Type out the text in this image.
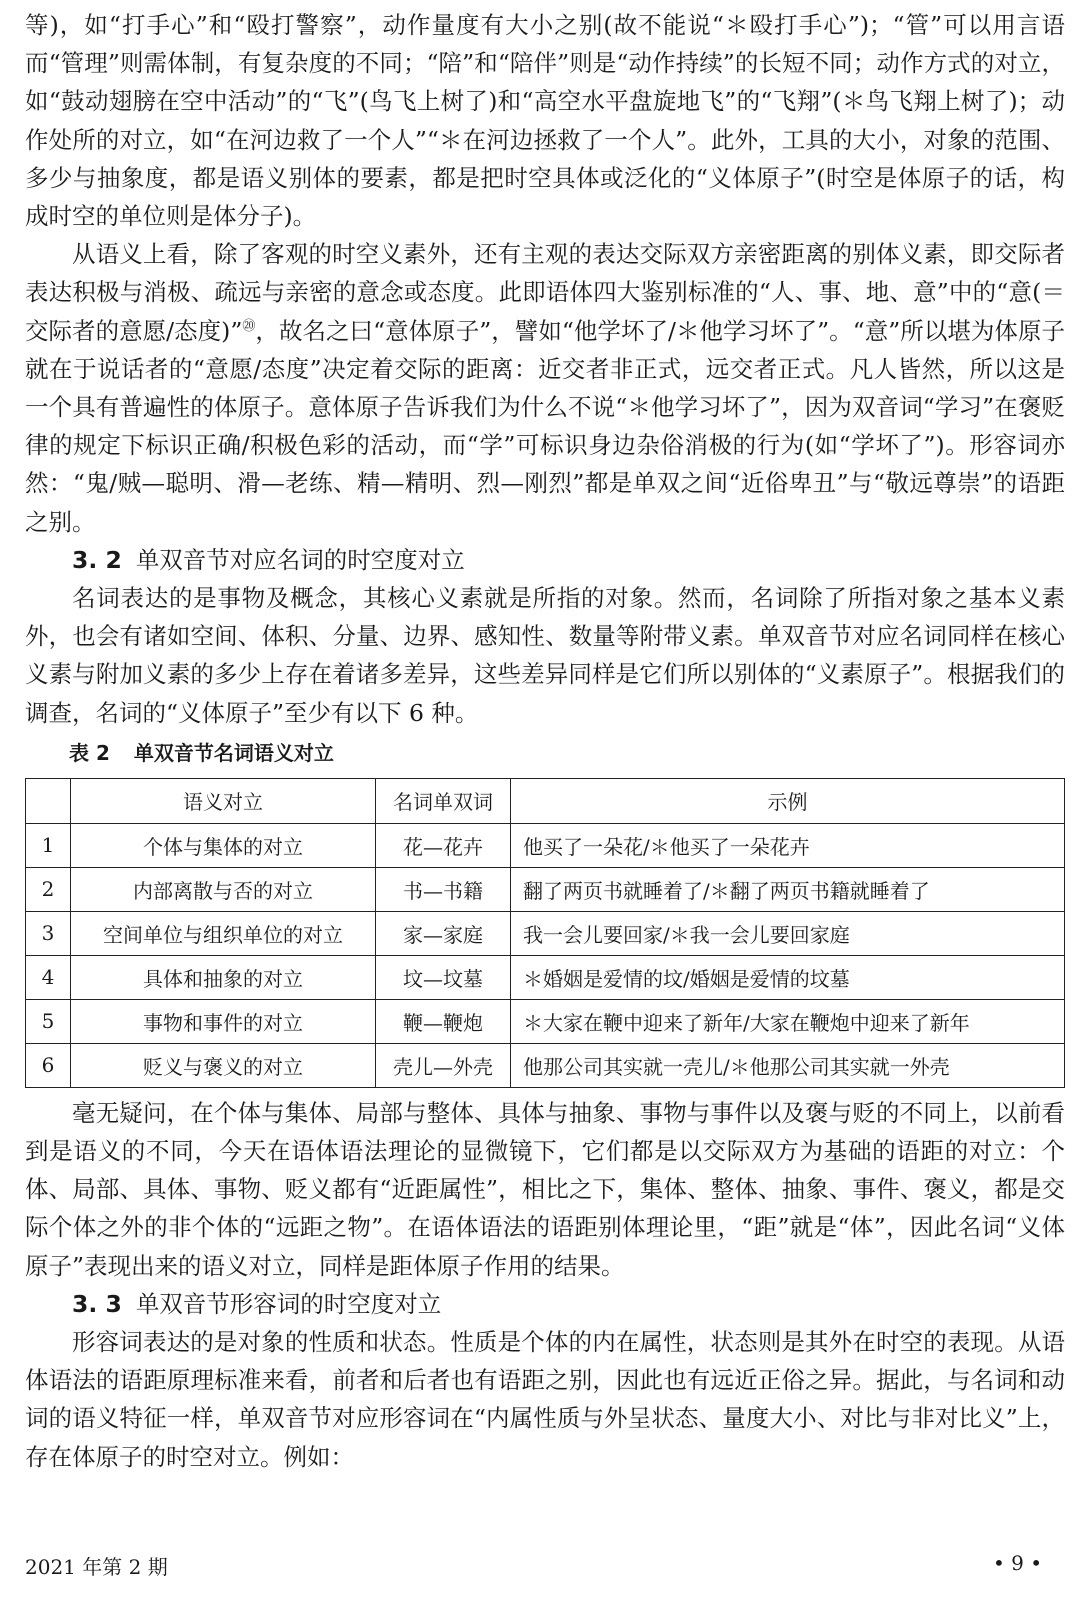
等)，如“打手心”和“殴打警察”，动作量度有大小之别(故不能说“＊殴打手心”)；“管”可以用言语而“管理”则需体制，有复杂度的不同；“陪”和“陪伴”则是“动作持续”的长短不同；动作方式的对立，如“鼓动翅膀在空中活动”的“飞”(鸟飞上树了)和“高空水平盘旋地飞”的“飞翔”(＊鸟飞翔上树了)；动作处所的对立，如“在河边救了一个人”“＊在河边拯救了一个人”。此外，工具的大小，对象的范围、多少与抽象度，都是语义别体的要素，都是把时空具体或泛化的“义体原子”(时空是体原子的话，构成时空的单位则是体分子)。

从语义上看，除了客观的时空义素外，还有主观的表达交际双方亲密距离的别体义素，即交际者表达积极与消极、疏远与亲密的意念或态度。此即语体四大鉴别标准的“人、事、地、意”中的“意(＝交际者的意愿/态度)”⑳，故名之曰“意体原子”，譬如“他学坏了/＊他学习坏了”。“意”所以堪为体原子就在于说话者的“意愿/态度”决定着交际的距离：近交者非正式，远交者正式。凡人皆然，所以这是一个具有普遍性的体原子。意体原子告诉我们为什么不说“＊他学习坏了”，因为双音词“学习”在褒贬律的规定下标识正确/积极色彩的活动，而“学”可标识身边杂俗消极的行为(如“学坏了”)。形容词亦然：“鬼/贼—聪明、滑—老练、精—精明、烈—刚烈”都是单双之间“近俗卑丑”与“敬远尊崇”的语距之别。

3. 2 单双音节对应名词的时空度对立

名词表达的是事物及概念，其核心义素就是所指的对象。然而，名词除了所指对象之基本义素外，也会有诸如空间、体积、分量、边界、感知性、数量等附带义素。单双音节对应名词同样在核心义素与附加义素的多少上存在着诸多差异，这些差异同样是它们所以别体的“义素原子”。根据我们的调查，名词的“义体原子”至少有以下 6 种。

表 2 单双音节名词语义对立
	语义对立	名词单双词	示例
1	个体与集体的对立	花—花卉	他买了一朵花/＊他买了一朵花卉
2	内部离散与否的对立	书—书籍	翻了两页书就睡着了/＊翻了两页书籍就睡着了
3	空间单位与组织单位的对立	家—家庭	我一会儿要回家/＊我一会儿要回家庭
4	具体和抽象的对立	坟—坟墓	＊婚姻是爱情的坟/婚姻是爱情的坟墓
5	事物和事件的对立	鞭—鞭炮	＊大家在鞭中迎来了新年/大家在鞭炮中迎来了新年
6	贬义与褒义的对立	壳儿—外壳	他那公司其实就一壳儿/＊他那公司其实就一外壳

毫无疑问，在个体与集体、局部与整体、具体与抽象、事物与事件以及褒与贬的不同上，以前看到是语义的不同，今天在语体语法理论的显微镜下，它们都是以交际双方为基础的语距的对立：个体、局部、具体、事物、贬义都有“近距属性”，相比之下，集体、整体、抽象、事件、褒义，都是交际个体之外的非个体的“远距之物”。在语体语法的语距别体理论里，“距”就是“体”，因此名词“义体原子”表现出来的语义对立，同样是距体原子作用的结果。

3. 3 单双音节形容词的时空度对立

形容词表达的是对象的性质和状态。性质是个体的内在属性，状态则是其外在时空的表现。从语体语法的语距原理标准来看，前者和后者也有语距之别，因此也有远近正俗之异。据此，与名词和动词的语义特征一样，单双音节对应形容词在“内属性质与外呈状态、量度大小、对比与非对比义”上，存在体原子的时空对立。例如：

2021 年第 2 期	• 9 •
